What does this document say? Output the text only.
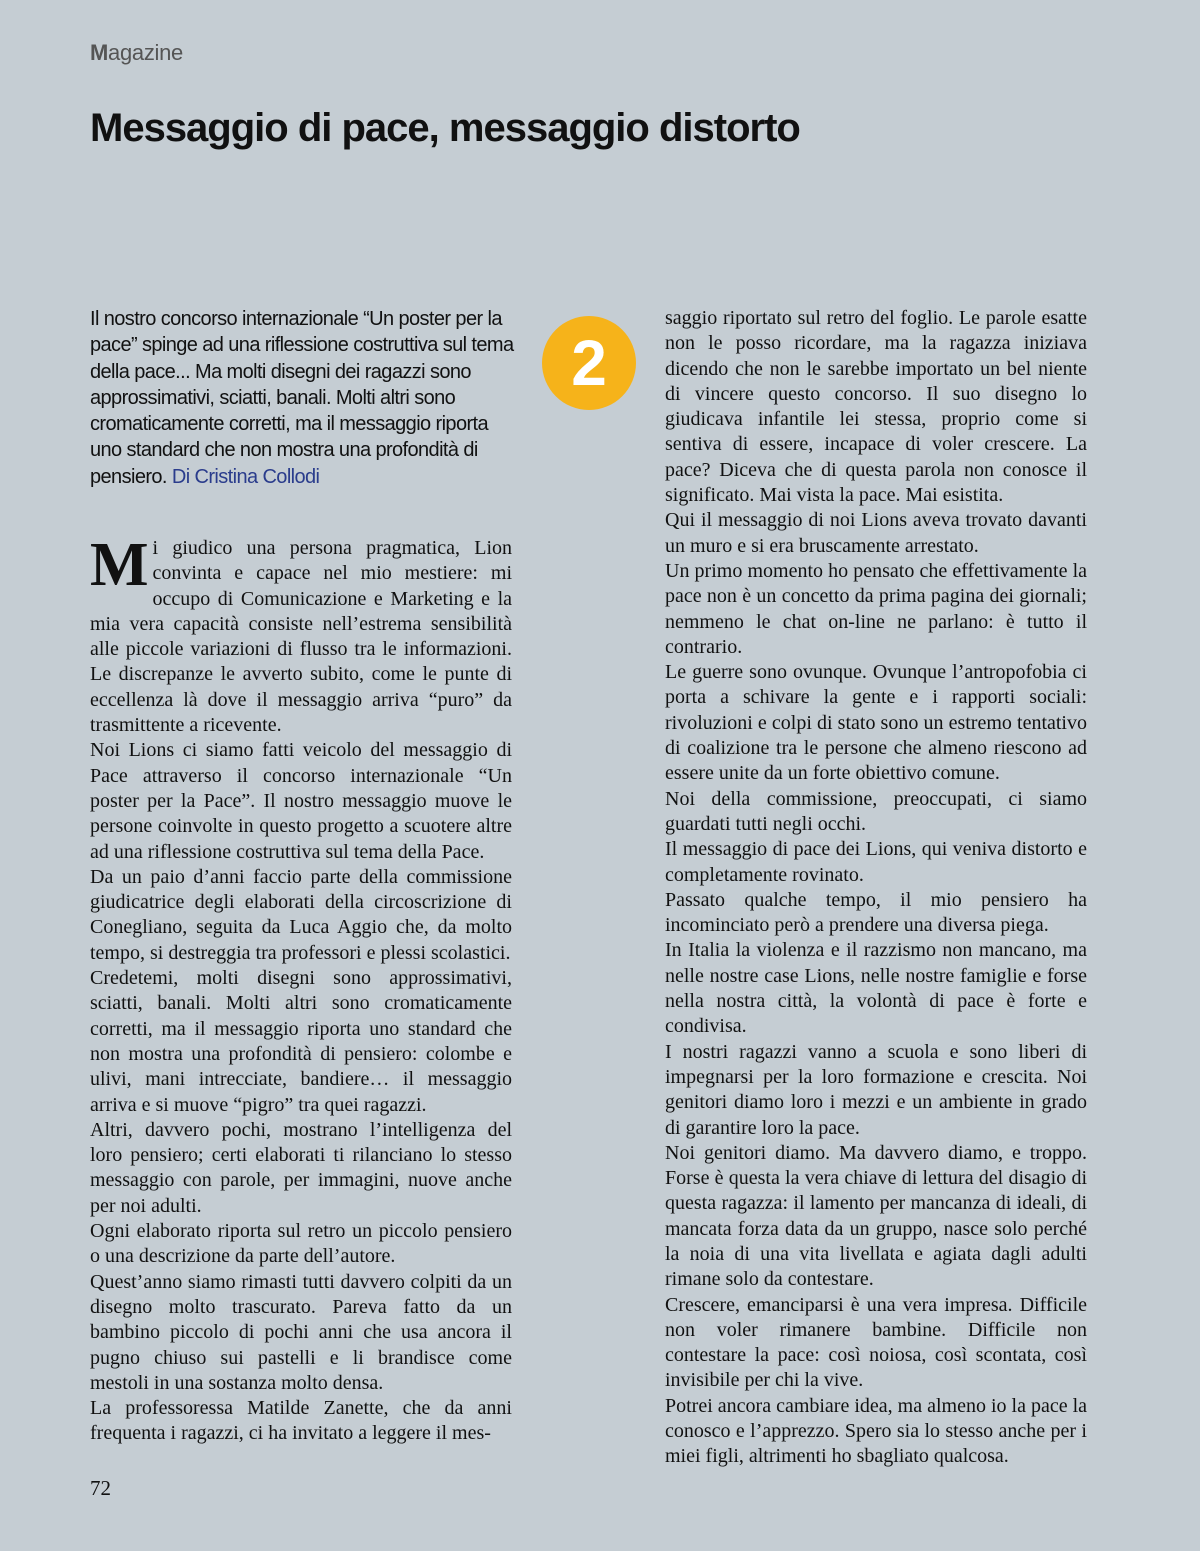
Magazine
Messaggio di pace, messaggio distorto

Il nostro concorso internazionale “Un poster per la pace” spinge ad una riflessione costruttiva sul tema della pace... Ma molti disegni dei ragazzi sono approssimativi, sciatti, banali. Molti altri sono cromaticamente corretti, ma il messaggio riporta uno standard che non mostra una profondità di pensiero. Di Cristina Collodi

2

Mi giudico una persona pragmatica, Lion convinta e capace nel mio mestiere: mi occupo di Comunicazione e Marketing e la mia vera capacità consiste nell’estrema sensibilità alle piccole variazioni di flusso tra le informazioni. Le discrepanze le avverto subito, come le punte di eccellenza là dove il messaggio arriva “puro” da trasmittente a ricevente.

Noi Lions ci siamo fatti veicolo del messaggio di Pace attraverso il concorso internazionale “Un poster per la Pace”. Il nostro messaggio muove le persone coinvolte in questo progetto a scuotere altre ad una riflessione costruttiva sul tema della Pace.

Da un paio d’anni faccio parte della commissione giudicatrice degli elaborati della circoscrizione di Conegliano, seguita da Luca Aggio che, da molto tempo, si destreggia tra professori e plessi scolastici.

Credetemi, molti disegni sono approssimativi, sciatti, banali. Molti altri sono cromaticamente corretti, ma il messaggio riporta uno standard che non mostra una profondità di pensiero: colombe e ulivi, mani intrecciate, bandiere… il messaggio arriva e si muove “pigro” tra quei ragazzi.

Altri, davvero pochi, mostrano l’intelligenza del loro pensiero; certi elaborati ti rilanciano lo stesso messaggio con parole, per immagini, nuove anche per noi adulti.

Ogni elaborato riporta sul retro un piccolo pensiero o una descrizione da parte dell’autore.

Quest’anno siamo rimasti tutti davvero colpiti da un disegno molto trascurato. Pareva fatto da un bambino piccolo di pochi anni che usa ancora il pugno chiuso sui pastelli e li brandisce come mestoli in una sostanza molto densa.

La professoressa Matilde Zanette, che da anni frequenta i ragazzi, ci ha invitato a leggere il mes-

saggio riportato sul retro del foglio. Le parole esatte non le posso ricordare, ma la ragazza iniziava dicendo che non le sarebbe importato un bel niente di vincere questo concorso. Il suo disegno lo giudicava infantile lei stessa, proprio come si sentiva di essere, incapace di voler crescere. La pace? Diceva che di questa parola non conosce il significato. Mai vista la pace. Mai esistita.

Qui il messaggio di noi Lions aveva trovato davanti un muro e si era bruscamente arrestato.

Un primo momento ho pensato che effettivamente la pace non è un concetto da prima pagina dei giornali; nemmeno le chat on-line ne parlano: è tutto il contrario.

Le guerre sono ovunque. Ovunque l’antropofobia ci porta a schivare la gente e i rapporti sociali: rivoluzioni e colpi di stato sono un estremo tentativo di coalizione tra le persone che almeno riescono ad essere unite da un forte obiettivo comune.

Noi della commissione, preoccupati, ci siamo guardati tutti negli occhi.

Il messaggio di pace dei Lions, qui veniva distorto e completamente rovinato.

Passato qualche tempo, il mio pensiero ha incominciato però a prendere una diversa piega.

In Italia la violenza e il razzismo non mancano, ma nelle nostre case Lions, nelle nostre famiglie e forse nella nostra città, la volontà di pace è forte e condivisa.

I nostri ragazzi vanno a scuola e sono liberi di impegnarsi per la loro formazione e crescita. Noi genitori diamo loro i mezzi e un ambiente in grado di garantire loro la pace.

Noi genitori diamo. Ma davvero diamo, e troppo. Forse è questa la vera chiave di lettura del disagio di questa ragazza: il lamento per mancanza di ideali, di mancata forza data da un gruppo, nasce solo perché la noia di una vita livellata e agiata dagli adulti rimane solo da contestare.

Crescere, emanciparsi è una vera impresa. Difficile non voler rimanere bambine. Difficile non contestare la pace: così noiosa, così scontata, così invisibile per chi la vive.

Potrei ancora cambiare idea, ma almeno io la pace la conosco e l’apprezzo. Spero sia lo stesso anche per i miei figli, altrimenti ho sbagliato qualcosa.

72
